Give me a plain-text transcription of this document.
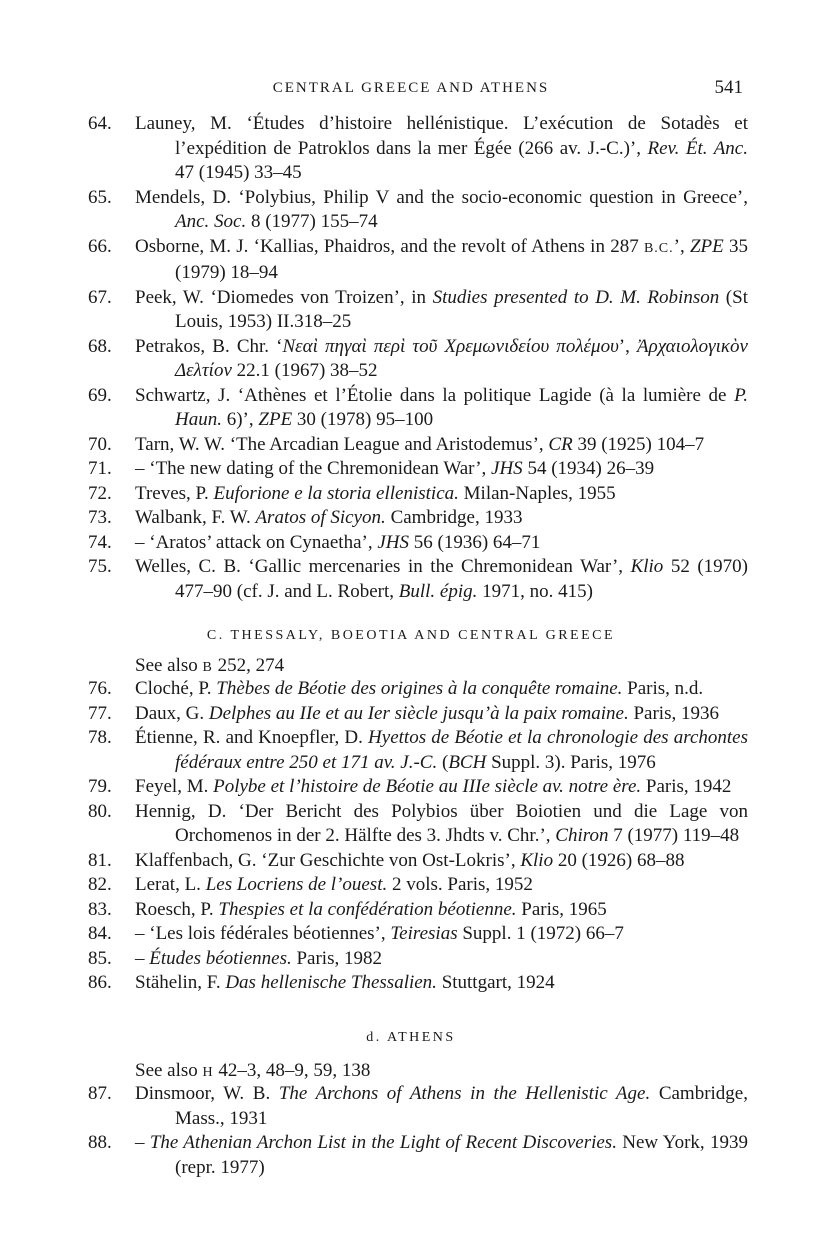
CENTRAL GREECE AND ATHENS	541
64.	Launey, M. ‘Études d’histoire hellénistique. L’exécution de Sotadès et l’expédition de Patroklos dans la mer Égée (266 av. J.-C.)’, Rev. Ét. Anc. 47 (1945) 33–45
65.	Mendels, D. ‘Polybius, Philip V and the socio-economic question in Greece’, Anc. Soc. 8 (1977) 155–74
66.	Osborne, M. J. ‘Kallias, Phaidros, and the revolt of Athens in 287 B.C.’, ZPE 35 (1979) 18–94
67.	Peek, W. ‘Diomedes von Troizen’, in Studies presented to D. M. Robinson (St Louis, 1953) II.318–25
68.	Petrakos, B. Chr. ‘Νεαὶ πηγαὶ περὶ τοῦ Χρεμωνιδείου πολέμου’, Ἀρχαιολογικὸν Δελτίον 22.1 (1967) 38–52
69.	Schwartz, J. ‘Athènes et l’Étolie dans la politique Lagide (à la lumière de P. Haun. 6)’, ZPE 30 (1978) 95–100
70.	Tarn, W. W. ‘The Arcadian League and Aristodemus’, CR 39 (1925) 104–7
71.	– ‘The new dating of the Chremonidean War’, JHS 54 (1934) 26–39
72.	Treves, P. Euforione e la storia ellenistica. Milan-Naples, 1955
73.	Walbank, F. W. Aratos of Sicyon. Cambridge, 1933
74.	– ‘Aratos’ attack on Cynaetha’, JHS 56 (1936) 64–71
75.	Welles, C. B. ‘Gallic mercenaries in the Chremonidean War’, Klio 52 (1970) 477–90 (cf. J. and L. Robert, Bull. épig. 1971, no. 415)
C. THESSALY, BOEOTIA AND CENTRAL GREECE
See also B 252, 274
76.	Cloché, P. Thèbes de Béotie des origines à la conquête romaine. Paris, n.d.
77.	Daux, G. Delphes au IIe et au Ier siècle jusqu’à la paix romaine. Paris, 1936
78.	Étienne, R. and Knoepfler, D. Hyettos de Béotie et la chronologie des archontes fédéraux entre 250 et 171 av. J.-C. (BCH Suppl. 3). Paris, 1976
79.	Feyel, M. Polybe et l’histoire de Béotie au IIIe siècle av. notre ère. Paris, 1942
80.	Hennig, D. ‘Der Bericht des Polybios über Boiotien und die Lage von Orchomenos in der 2. Hälfte des 3. Jhdts v. Chr.’, Chiron 7 (1977) 119–48
81.	Klaffenbach, G. ‘Zur Geschichte von Ost-Lokris’, Klio 20 (1926) 68–88
82.	Lerat, L. Les Locriens de l’ouest. 2 vols. Paris, 1952
83.	Roesch, P. Thespies et la confédération béotienne. Paris, 1965
84.	– ‘Les lois fédérales béotiennes’, Teiresias Suppl. 1 (1972) 66–7
85.	– Études béotiennes. Paris, 1982
86.	Stähelin, F. Das hellenische Thessalien. Stuttgart, 1924
d. ATHENS
See also H 42–3, 48–9, 59, 138
87.	Dinsmoor, W. B. The Archons of Athens in the Hellenistic Age. Cambridge, Mass., 1931
88.	– The Athenian Archon List in the Light of Recent Discoveries. New York, 1939 (repr. 1977)
